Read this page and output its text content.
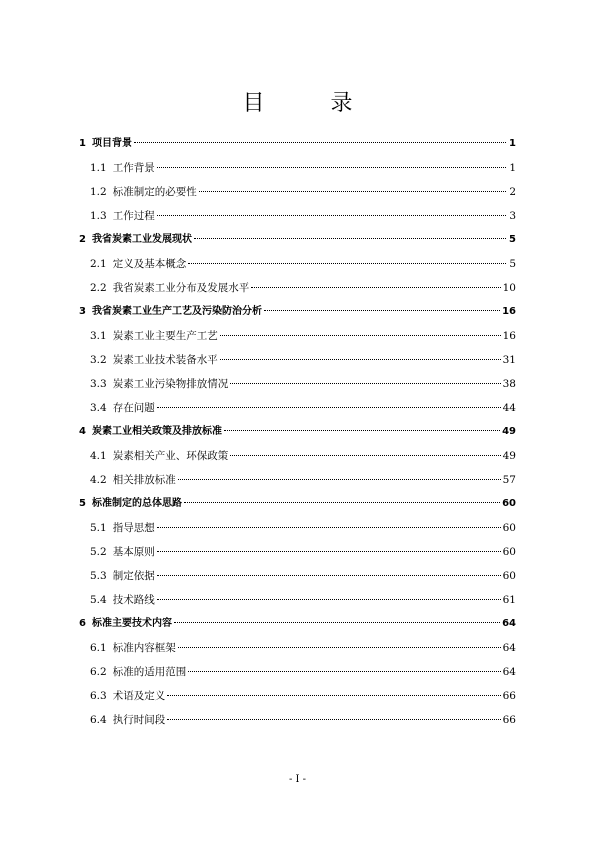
目　录
1 项目背景	1
1.1 工作背景	1
1.2 标准制定的必要性	2
1.3 工作过程	3
2 我省炭素工业发展现状	5
2.1 定义及基本概念	5
2.2 我省炭素工业分布及发展水平	10
3 我省炭素工业生产工艺及污染防治分析	16
3.1 炭素工业主要生产工艺	16
3.2 炭素工业技术装备水平	31
3.3 炭素工业污染物排放情况	38
3.4 存在问题	44
4 炭素工业相关政策及排放标准	49
4.1 炭素相关产业、环保政策	49
4.2 相关排放标准	57
5 标准制定的总体思路	60
5.1 指导思想	60
5.2 基本原则	60
5.3 制定依据	60
5.4 技术路线	61
6 标准主要技术内容	64
6.1 标准内容框架	64
6.2 标准的适用范围	64
6.3 术语及定义	66
6.4 执行时间段	66
- I -
